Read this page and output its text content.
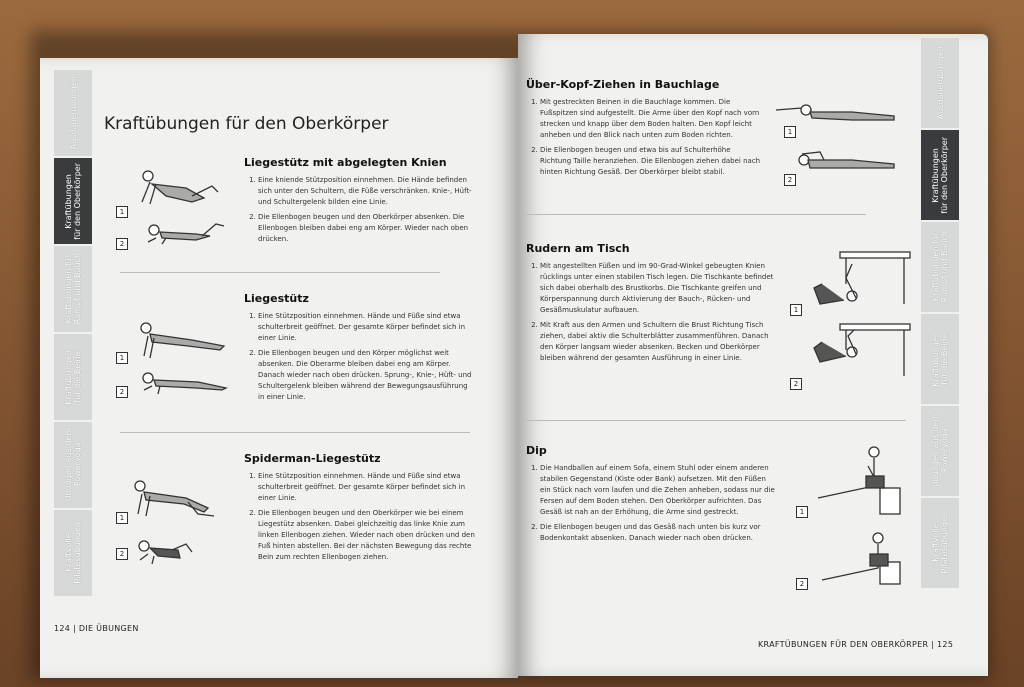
Ausdauerübungen
Kraftübungen
für den Oberkörper
Kraftübungen für
Rumpf und Bauch
Kraftübungen
für die Beine
Übungen aus dem
Poweryoga
Kraftvolle
Pilatesübungen
Kraftübungen für den Oberkörper
1
2
Liegestütz mit abgelegten Knien
1. Eine kniende Stützposition einnehmen. Die Hände befinden sich unter den Schultern, die Füße verschränken. Knie-, Hüft- und Schultergelenk bilden eine Linie.
2. Die Ellenbogen beugen und den Oberkörper absenken. Die Ellenbogen bleiben dabei eng am Körper. Wieder nach oben drücken.
1
2
Liegestütz
1. Eine Stützposition einnehmen. Hände und Füße sind etwa schulterbreit geöffnet. Der gesamte Körper befindet sich in einer Linie.
2. Die Ellenbogen beugen und den Körper möglichst weit absenken. Die Oberarme bleiben dabei eng am Körper. Danach wieder nach oben drücken. Sprung-, Knie-, Hüft- und Schultergelenk bleiben während der Bewegungsausführung in einer Linie.
1
2
Spiderman-Liegestütz
1. Eine Stützposition einnehmen. Hände und Füße sind etwa schulterbreit geöffnet. Der gesamte Körper befindet sich in einer Linie.
2. Die Ellenbogen beugen und den Oberkörper wie bei einem Liegestütz absenken. Dabei gleichzeitig das linke Knie zum linken Ellenbogen ziehen. Wieder nach oben drücken und den Fuß hinten abstellen. Bei der nächsten Bewegung das rechte Bein zum rechten Ellenbogen ziehen.
124 | DIE ÜBUNGEN
Ausdauerübungen
Kraftübungen
für den Oberkörper
Kraftübungen für
Rumpf und Bauch
Kraftübungen
für die Beine
Übungen aus dem
Poweryoga
Kraftvolle
Pilatesübungen
Über-Kopf-Ziehen in Bauchlage
1. Mit gestreckten Beinen in die Bauchlage kommen. Die Fußspitzen sind aufgestellt. Die Arme über den Kopf nach vorn strecken und knapp über dem Boden halten. Den Kopf leicht anheben und den Blick nach unten zum Boden richten.
2. Die Ellenbogen beugen und etwa bis auf Schulterhöhe Richtung Taille heranziehen. Die Ellenbogen ziehen dabei nach hinten Richtung Gesäß. Der Oberkörper bleibt stabil.
1
2
Rudern am Tisch
1. Mit angestellten Füßen und im 90-Grad-Winkel gebeugten Knien rücklings unter einen stabilen Tisch legen. Die Tischkante befindet sich dabei oberhalb des Brustkorbs. Die Tischkante greifen und Körperspannung durch Aktivierung der Bauch-, Rücken- und Gesäßmuskulatur aufbauen.
2. Mit Kraft aus den Armen und Schultern die Brust Richtung Tisch ziehen, dabei aktiv die Schulterblätter zusammenführen. Danach den Körper langsam wieder absenken. Becken und Oberkörper bleiben während der gesamten Ausführung in einer Linie.
1
2
Dip
1. Die Handballen auf einem Sofa, einem Stuhl oder einem anderen stabilen Gegenstand (Kiste oder Bank) aufsetzen. Mit den Füßen ein Stück nach vorn laufen und die Zehen anheben, sodass nur die Fersen auf dem Boden stehen. Den Oberkörper aufrichten. Das Gesäß ist nah an der Erhöhung, die Arme sind gestreckt.
2. Die Ellenbogen beugen und das Gesäß nach unten bis kurz vor Bodenkontakt absenken. Danach wieder nach oben drücken.
1
2
KRAFTÜBUNGEN FÜR DEN OBERKÖRPER | 125
